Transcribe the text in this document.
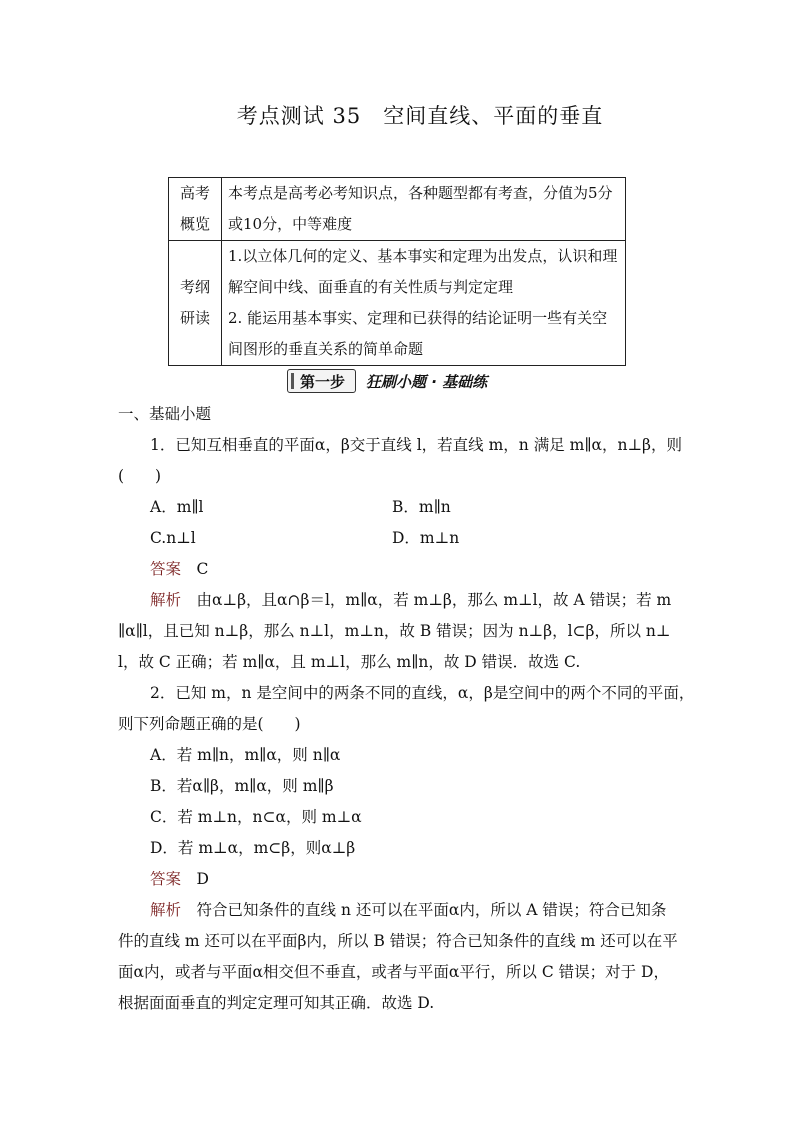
考点测试 35　空间直线、平面的垂直
高考概览	本考点是高考必考知识点，各种题型都有考查，分值为5分或10分，中等难度
考纲研读	1.以立体几何的定义、基本事实和定理为出发点，认识和理解空间中线、面垂直的有关性质与判定定理
2. 能运用基本事实、定理和已获得的结论证明一些有关空间图形的垂直关系的简单命题
第一步	狂刷小题 · 基础练
一、基础小题
1．已知互相垂直的平面α，β交于直线 l，若直线 m，n 满足 m∥α，n⊥β，则
(　　)
A．m∥l	B．m∥n
C.n⊥l	D．m⊥n
答案　 C
解析　 由α⊥β，且α∩β＝l，m∥α，若 m⊥β，那么 m⊥l，故 A 错误；若 m
∥α∥l，且已知 n⊥β，那么 n⊥l，m⊥n，故 B 错误；因为 n⊥β，l⊂β，所以 n⊥
l，故 C 正确；若 m∥α，且 m⊥l，那么 m∥n，故 D 错误．故选 C.
2．已知 m，n 是空间中的两条不同的直线，α，β是空间中的两个不同的平面，
则下列命题正确的是(　　)
A．若 m∥n，m∥α，则 n∥α
B．若α∥β，m∥α，则 m∥β
C．若 m⊥n，n⊂α，则 m⊥α
D．若 m⊥α，m⊂β，则α⊥β
答案　 D
解析　 符合已知条件的直线 n 还可以在平面α内，所以 A 错误；符合已知条
件的直线 m 还可以在平面β内，所以 B 错误；符合已知条件的直线 m 还可以在平
面α内，或者与平面α相交但不垂直，或者与平面α平行，所以 C 错误；对于 D，
根据面面垂直的判定定理可知其正确．故选 D.
